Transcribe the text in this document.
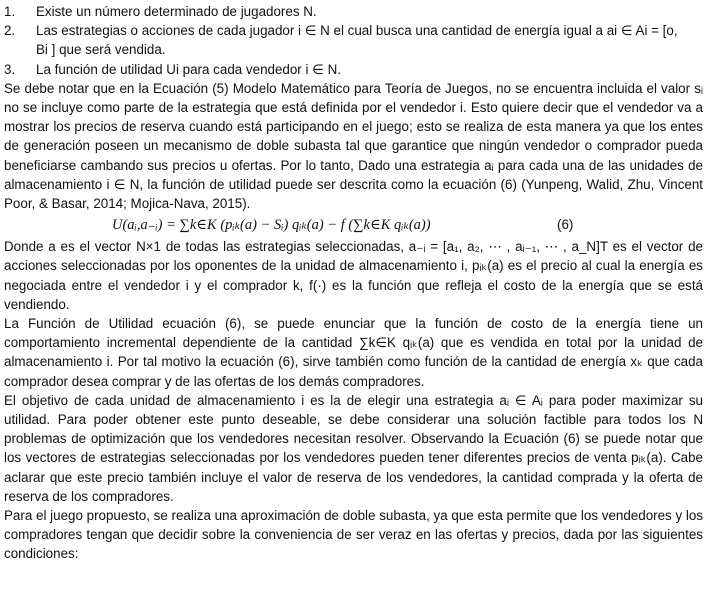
1.	Existe un número determinado de jugadores N.
2.	Las estrategias o acciones de cada jugador i ∈ N el cual busca una cantidad de energía igual a ai ∈ Ai = [o,
Bi ] que será vendida.
3.	La función de utilidad Ui para cada vendedor i ∈ N.

Se debe notar que en la Ecuación (5) Modelo Matemático para Teoría de Juegos, no se encuentra incluida el valor sᵢ no se incluye como parte de la estrategia que está definida por el vendedor i. Esto quiere decir que el vendedor va a mostrar los precios de reserva cuando está participando en el juego; esto se realiza de esta manera ya que los entes de generación poseen un mecanismo de doble subasta tal que garantice que ningún vendedor o comprador pueda beneficiarse cambando sus precios u ofertas. Por lo tanto, Dado una estrategia aᵢ para cada una de las unidades de almacenamiento i ∈ N, la función de utilidad puede ser descrita como la ecuación (6) (Yunpeng, Walid, Zhu, Vincent Poor, & Basar, 2014; Mojica-Nava, 2015).

U(aᵢ,a₋ᵢ) = ∑k∈K (pᵢₖ(a) − Sᵢ) qᵢₖ(a) − f (∑k∈K qᵢₖ(a))	(6)

Donde a es el vector N×1 de todas las estrategias seleccionadas, a₋ᵢ = [a₁, a₂, ⋯ , aᵢ₋₁, ⋯ , a_N]T es el vector de acciones seleccionadas por los oponentes de la unidad de almacenamiento i, pᵢₖ(a) es el precio al cual la energía es negociada entre el vendedor i y el comprador k, f(·) es la función que refleja el costo de la energía que se está vendiendo.

La Función de Utilidad ecuación (6), se puede enunciar que la función de costo de la energía tiene un comportamiento incremental dependiente de la cantidad ∑k∈K qᵢₖ(a) que es vendida en total por la unidad de almacenamiento i. Por tal motivo la ecuación (6), sirve también como función de la cantidad de energía xₖ que cada comprador desea comprar y de las ofertas de los demás compradores.

El objetivo de cada unidad de almacenamiento i es la de elegir una estrategia aᵢ ∈ Aᵢ para poder maximizar su utilidad. Para poder obtener este punto deseable, se debe considerar una solución factible para todos los N problemas de optimización que los vendedores necesitan resolver. Observando la Ecuación (6) se puede notar que los vectores de estrategias seleccionadas por los vendedores pueden tener diferentes precios de venta pᵢₖ(a). Cabe aclarar que este precio también incluye el valor de reserva de los vendedores, la cantidad comprada y la oferta de reserva de los compradores.

Para el juego propuesto, se realiza una aproximación de doble subasta, ya que esta permite que los vendedores y los compradores tengan que decidir sobre la conveniencia de ser veraz en las ofertas y precios, dada por las siguientes condiciones:
